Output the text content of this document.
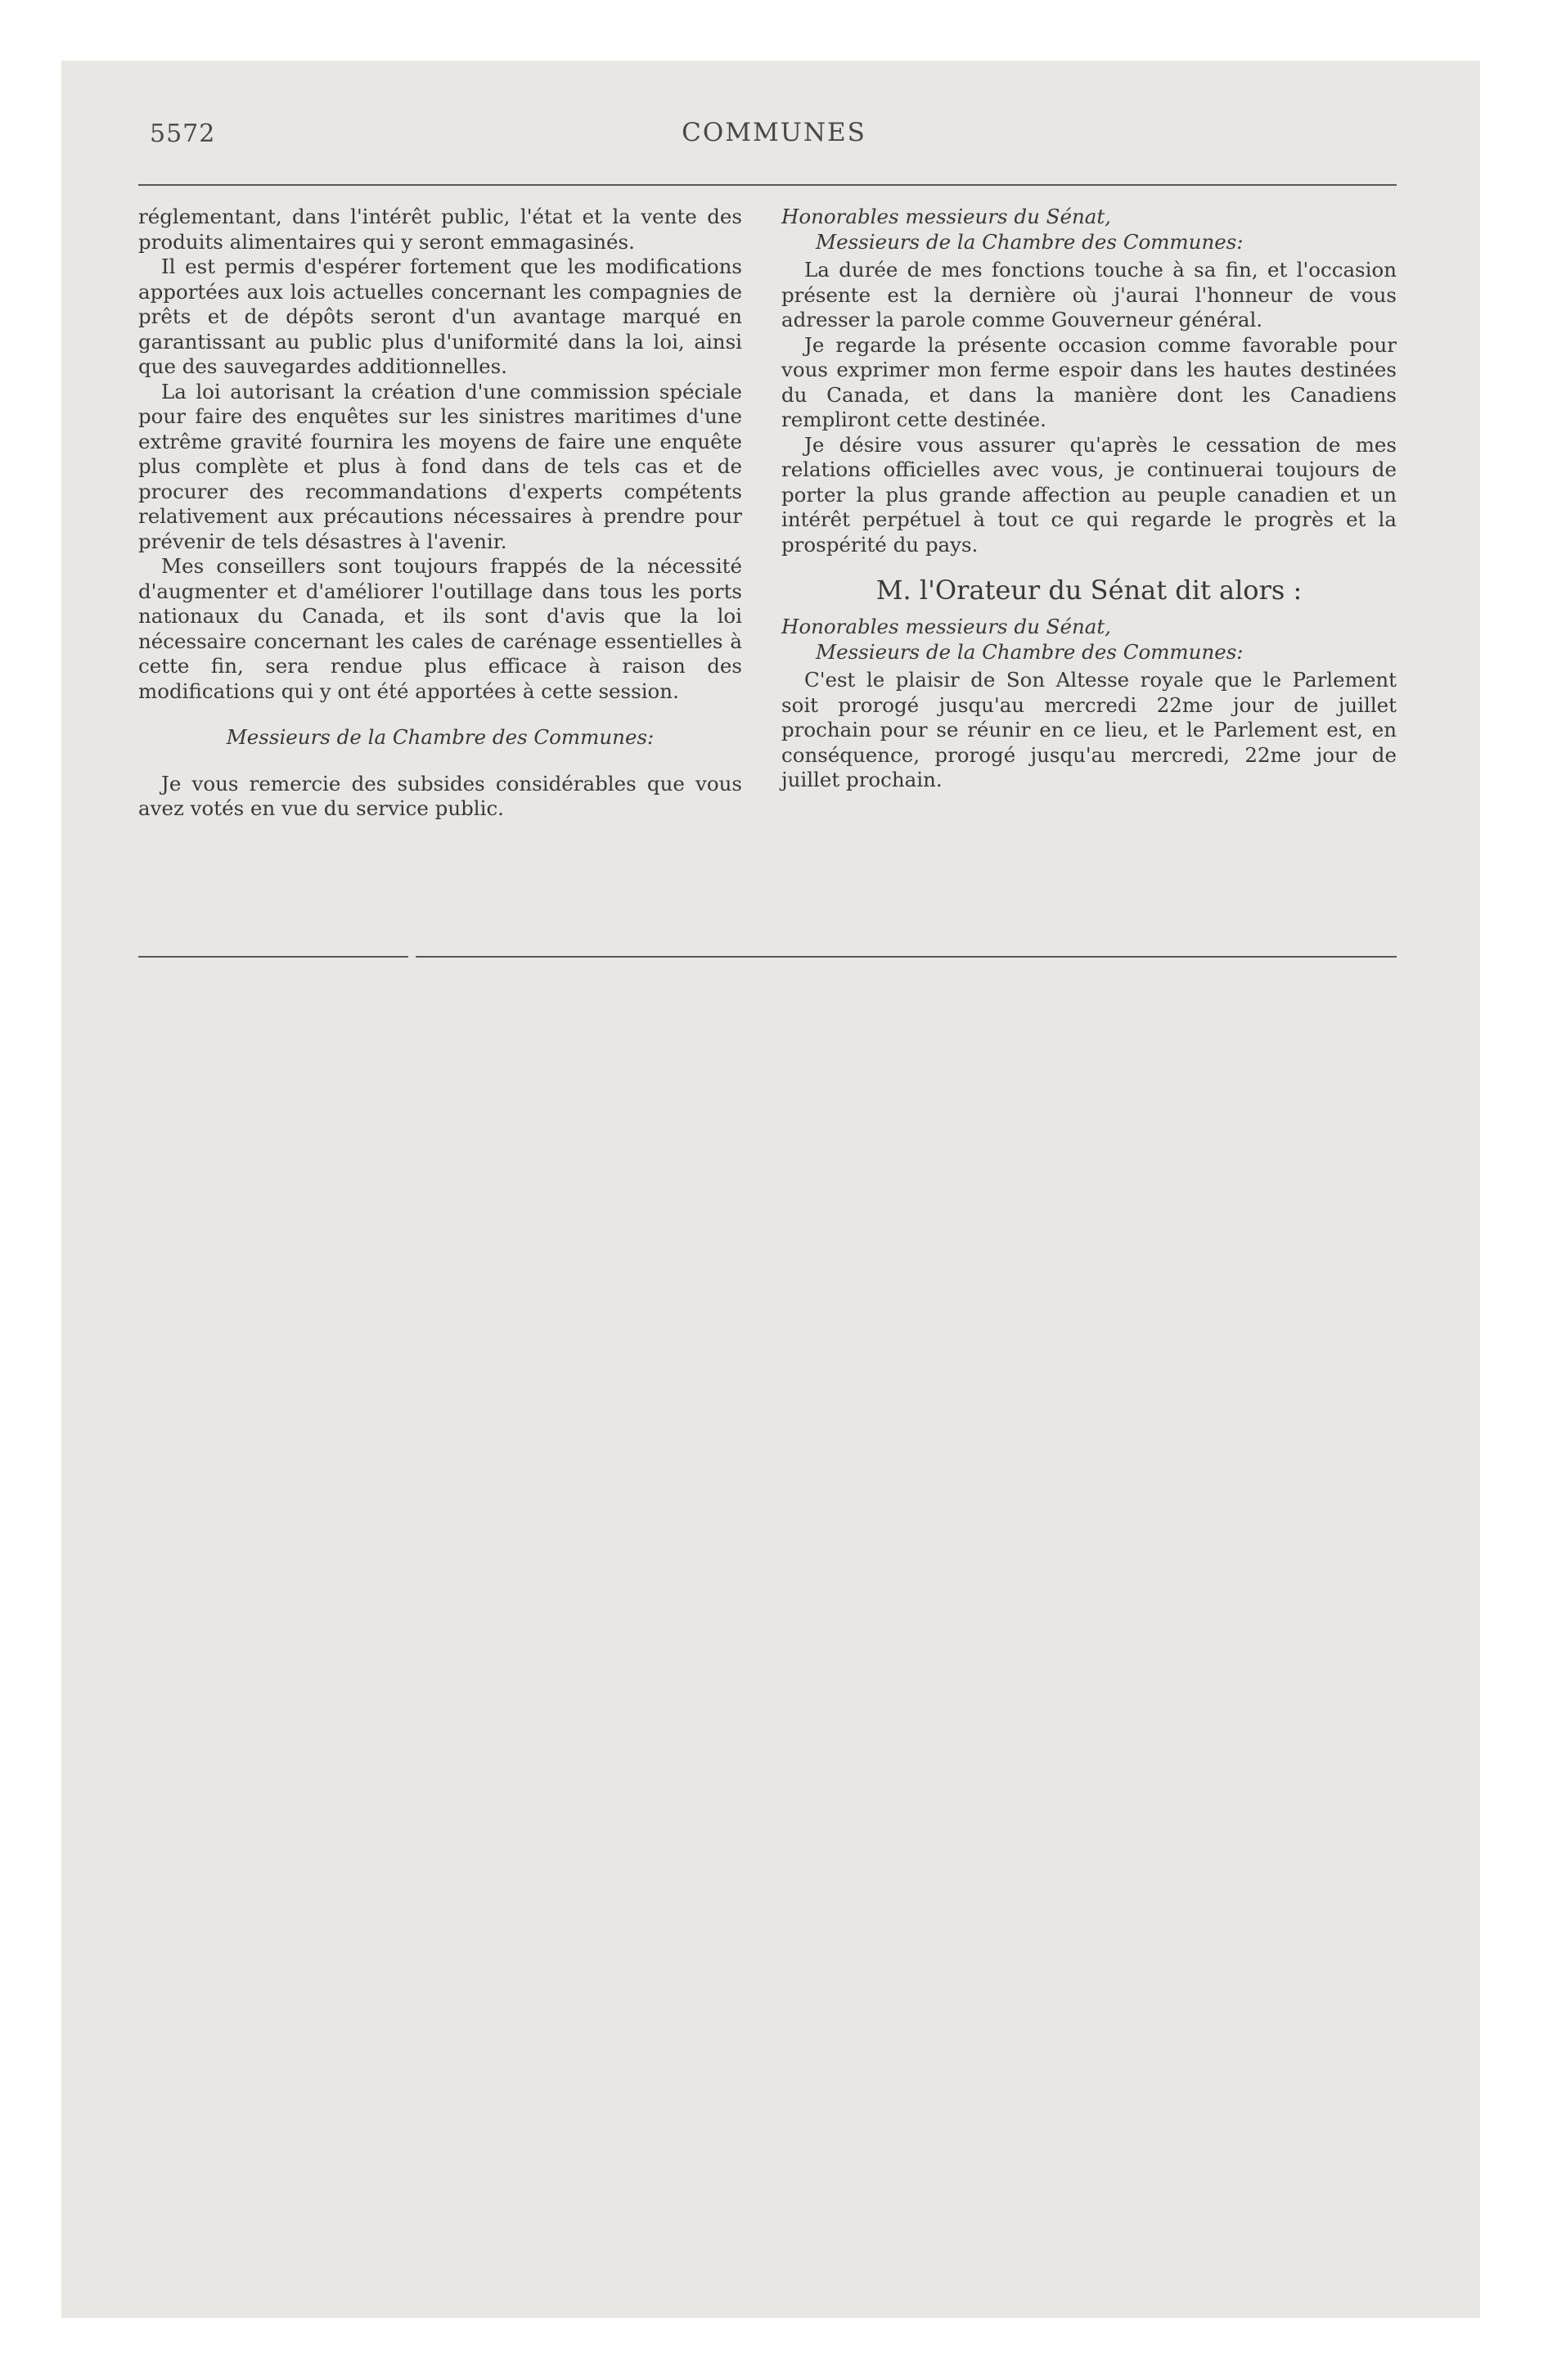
5572	COMMUNES

réglementant, dans l'intérêt public, l'état et la vente des produits alimentaires qui y seront emmagasinés.

Il est permis d'espérer fortement que les modifications apportées aux lois actuelles concernant les compagnies de prêts et de dépôts seront d'un avantage marqué en garantissant au public plus d'uniformité dans la loi, ainsi que des sauvegardes additionnelles.

La loi autorisant la création d'une commission spéciale pour faire des enquêtes sur les sinistres maritimes d'une extrême gravité fournira les moyens de faire une enquête plus complète et plus à fond dans de tels cas et de procurer des recommandations d'experts compétents relativement aux précautions nécessaires à prendre pour prévenir de tels désastres à l'avenir.

Mes conseillers sont toujours frappés de la nécessité d'augmenter et d'améliorer l'outillage dans tous les ports nationaux du Canada, et ils sont d'avis que la loi nécessaire concernant les cales de carénage essentielles à cette fin, sera rendue plus efficace à raison des modifications qui y ont été apportées à cette session.

Messieurs de la Chambre des Communes:

Je vous remercie des subsides considérables que vous avez votés en vue du service public.

Honorables messieurs du Sénat,

Messieurs de la Chambre des Communes:

La durée de mes fonctions touche à sa fin, et l'occasion présente est la dernière où j'aurai l'honneur de vous adresser la parole comme Gouverneur général.

Je regarde la présente occasion comme favorable pour vous exprimer mon ferme espoir dans les hautes destinées du Canada, et dans la manière dont les Canadiens rempliront cette destinée.

Je désire vous assurer qu'après le cessation de mes relations officielles avec vous, je continuerai toujours de porter la plus grande affection au peuple canadien et un intérêt perpétuel à tout ce qui regarde le progrès et la prospérité du pays.

M. l'Orateur du Sénat dit alors :

Honorables messieurs du Sénat,

Messieurs de la Chambre des Communes:

C'est le plaisir de Son Altesse royale que le Parlement soit prorogé jusqu'au mercredi 22me jour de juillet prochain pour se réunir en ce lieu, et le Parlement est, en conséquence, prorogé jusqu'au mercredi, 22me jour de juillet prochain.
